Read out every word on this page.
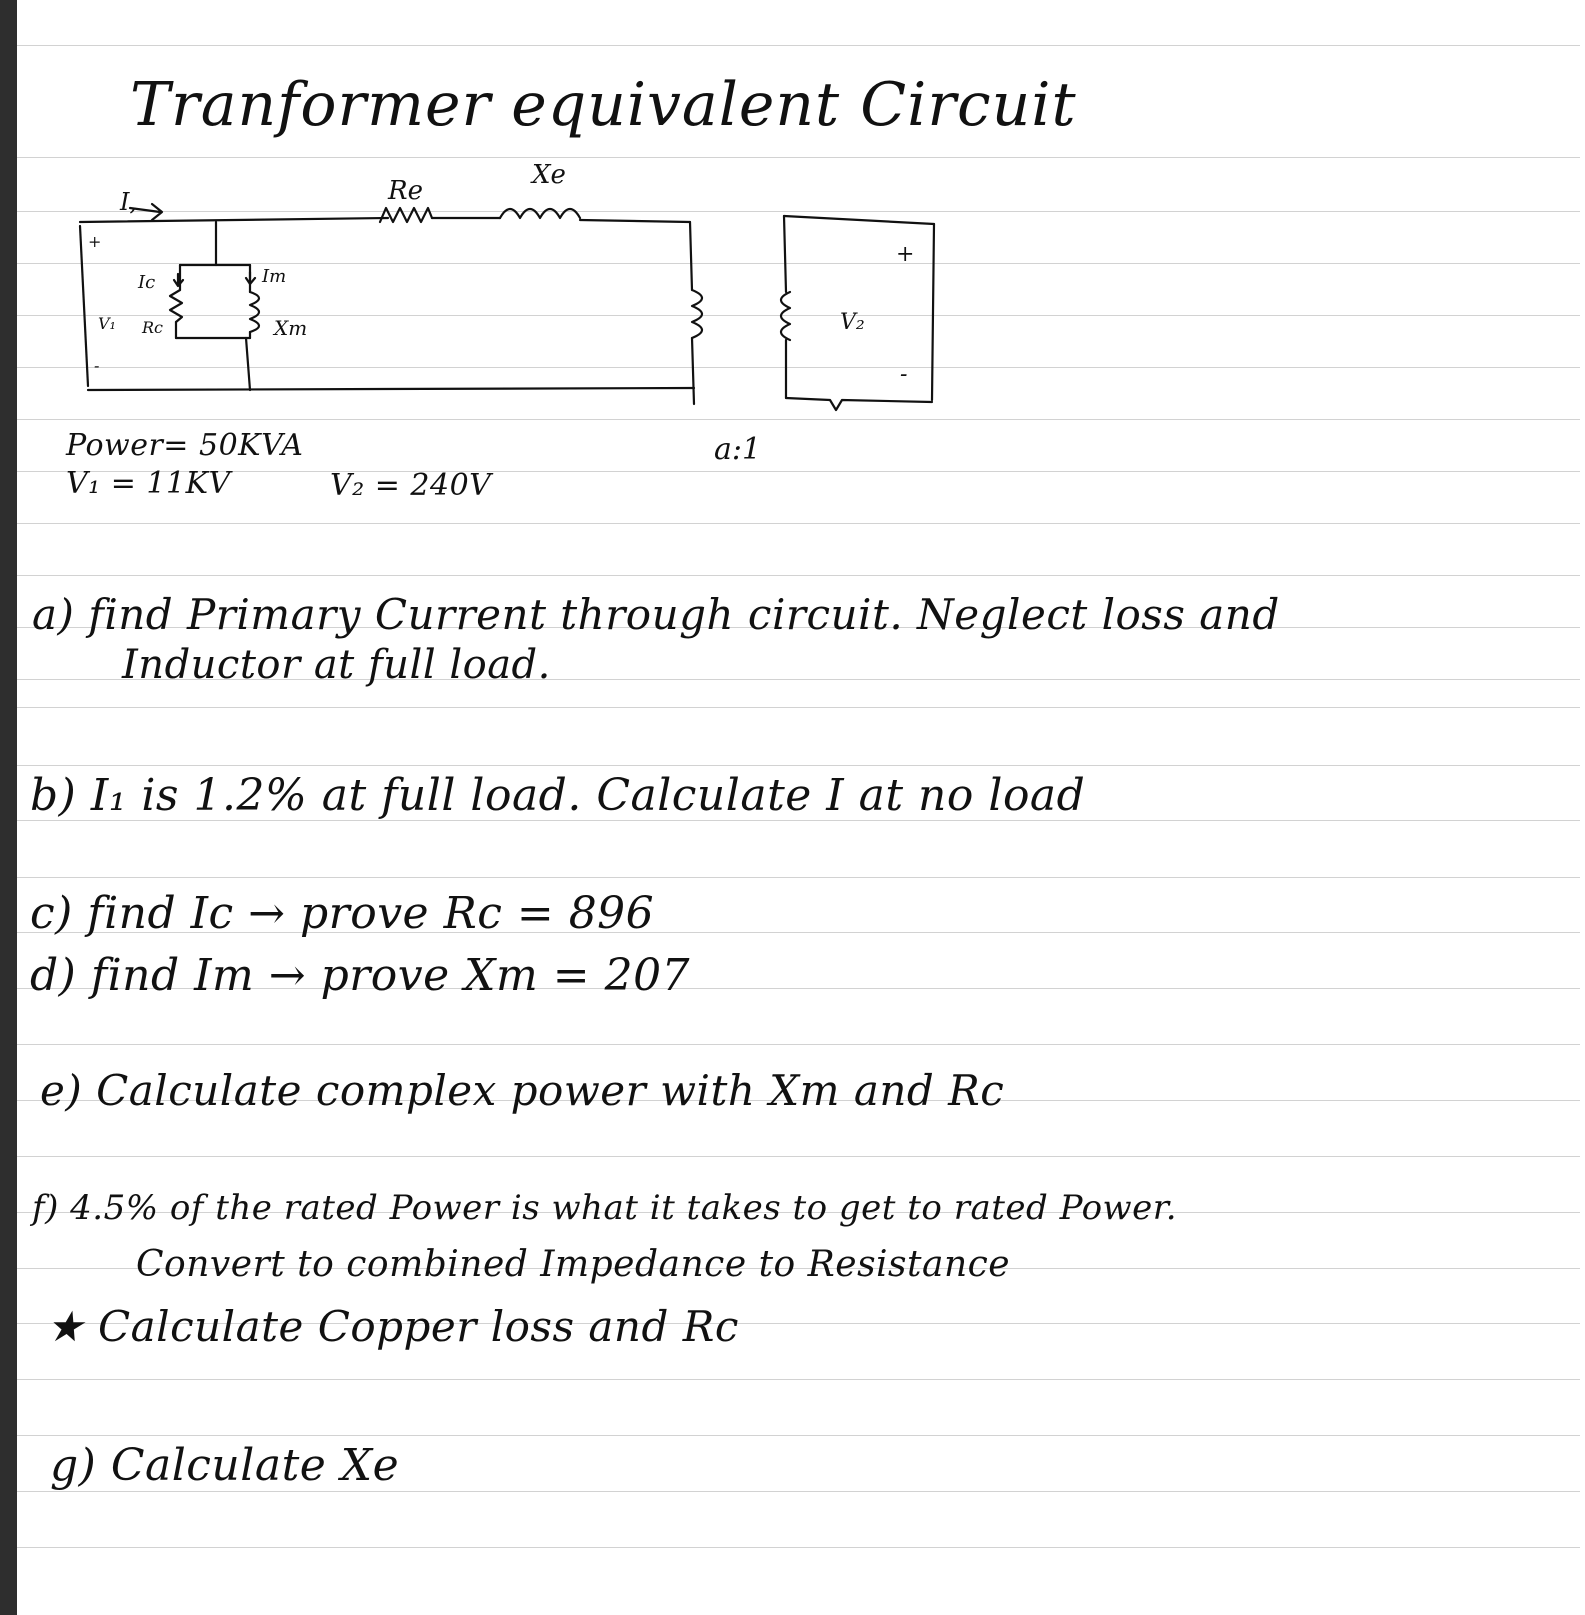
Tranformer equivalent Circuit
I,	Re
Xe
Ic	Im
Rc	Xm
V₁	V₂
+
-
+
-
a:1
Power= 50KVA
V₁ = 11KV	V₂ = 240V
a) find Primary Current through circuit. Neglect loss and
Inductor at full load.
b) I₁ is 1.2% at full load. Calculate I at no load
c) find Ic → prove Rc = 896
d) find Im → prove Xm = 207
e) Calculate complex power with Xm and Rc
f) 4.5% of the rated Power is what it takes to get to rated Power.
Convert to combined Impedance to Resistance
★ Calculate Copper loss and Rc
g) Calculate Xe
